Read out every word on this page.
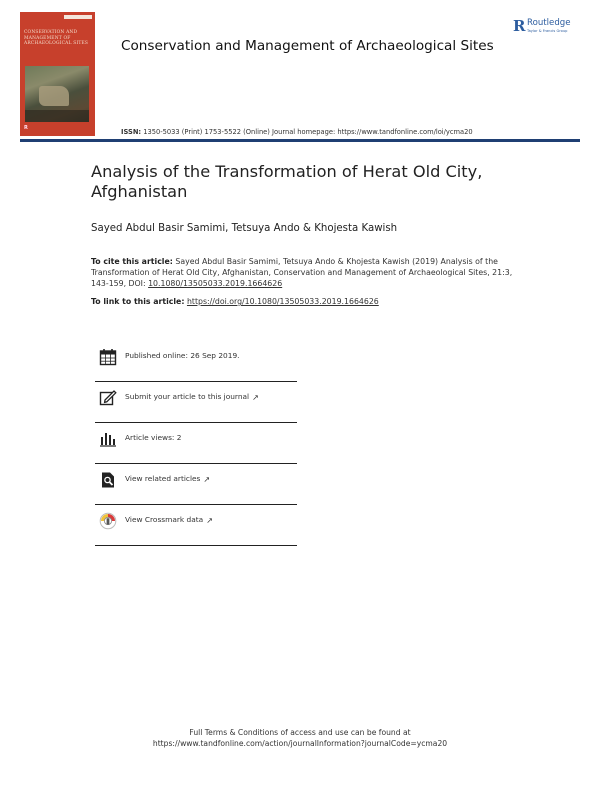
CONSERVATION AND MANAGEMENT OF ARCHAEOLOGICAL SITES
R
Conservation and Management of Archaeological Sites
R Routledge
Taylor & Francis Group
ISSN: 1350-5033 (Print) 1753-5522 (Online) Journal homepage: https://www.tandfonline.com/loi/ycma20
Analysis of the Transformation of Herat Old City, Afghanistan
Sayed Abdul Basir Samimi, Tetsuya Ando & Khojesta Kawish
To cite this article: Sayed Abdul Basir Samimi, Tetsuya Ando & Khojesta Kawish (2019) Analysis of the Transformation of Herat Old City, Afghanistan, Conservation and Management of Archaeological Sites, 21:3, 143-159, DOI: 10.1080/13505033.2019.1664626
To link to this article: https://doi.org/10.1080/13505033.2019.1664626
Published online: 26 Sep 2019.
Submit your article to this journal ↗
Article views: 2
View related articles ↗
View Crossmark data ↗
Full Terms & Conditions of access and use can be found at
https://www.tandfonline.com/action/journalInformation?journalCode=ycma20
